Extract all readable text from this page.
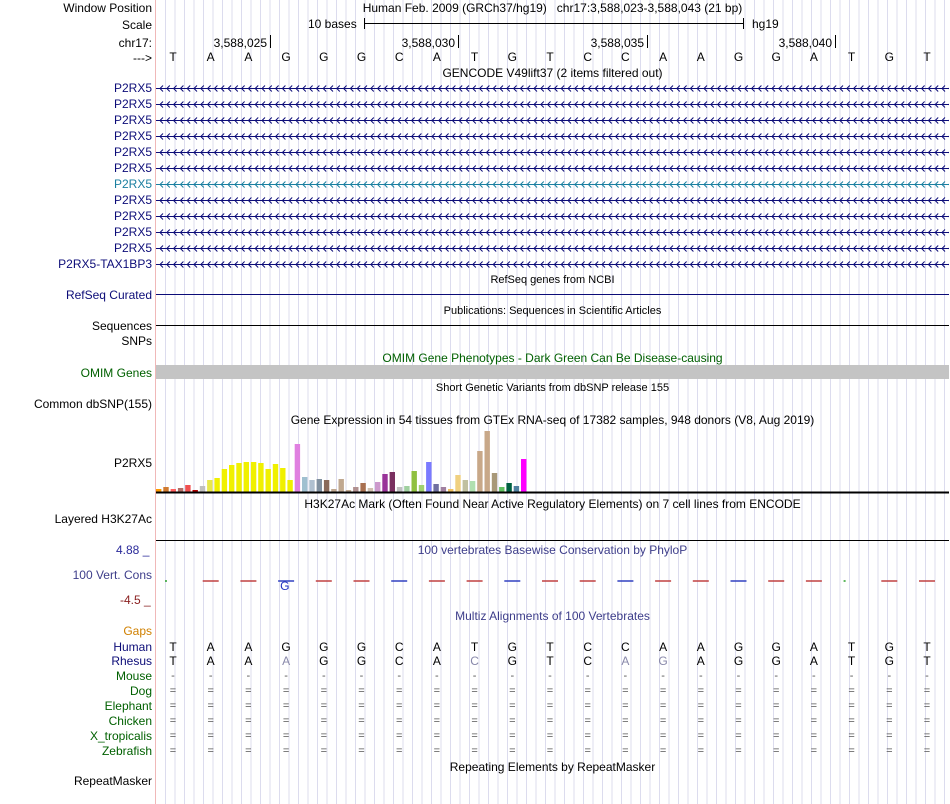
Window Position	Human Feb. 2009 (GRCh37/hg19)   chr17:3,588,023-3,588,043 (21 bp)
Scale	10 bases	hg19
chr17:	3,588,025	3,588,030	3,588,035	3,588,040
--->	T	A	A	G	G	G	C	A	T	G	T	C	C	A	A	G	G	A	T	G	T
GENCODE V49lift37 (2 items filtered out)
P2RX5
P2RX5
P2RX5
P2RX5
P2RX5
P2RX5
P2RX5
P2RX5
P2RX5
P2RX5
P2RX5
P2RX5-TAX1BP3
RefSeq genes from NCBI
RefSeq Curated
Publications: Sequences in Scientific Articles
Sequences
SNPs
OMIM Gene Phenotypes - Dark Green Can Be Disease-causing
OMIM Genes
Short Genetic Variants from dbSNP release 155
Common dbSNP(155)
Gene Expression in 54 tissues from GTEx RNA-seq of 17382 samples, 948 donors (V8, Aug 2019)
P2RX5
H3K27Ac Mark (Often Found Near Active Regulatory Elements) on 7 cell lines from ENCODE
Layered H3K27Ac
100 vertebrates Basewise Conservation by PhyloP
4.88 _
100 Vert. Cons
-4.5 _
G
Multiz Alignments of 100 Vertebrates
Gaps
Human	T	A	A	G	G	G	C	A	T	G	T	C	C	A	A	G	G	A	T	G	T
Rhesus	T	A	A	A	G	G	C	A	C	G	T	C	A	G	A	G	G	A	T	G	T
Mouse	-	-	-	-	-	-	-	-	-	-	-	-	-	-	-	-	-	-	-	-	-
Dog	=	=	=	=	=	=	=	=	=	=	=	=	=	=	=	=	=	=	=	=	=
Elephant	=	=	=	=	=	=	=	=	=	=	=	=	=	=	=	=	=	=	=	=	=
Chicken	=	=	=	=	=	=	=	=	=	=	=	=	=	=	=	=	=	=	=	=	=
X_tropicalis	=	=	=	=	=	=	=	=	=	=	=	=	=	=	=	=	=	=	=	=	=
Zebrafish	=	=	=	=	=	=	=	=	=	=	=	=	=	=	=	=	=	=	=	=	=
Repeating Elements by RepeatMasker
RepeatMasker
